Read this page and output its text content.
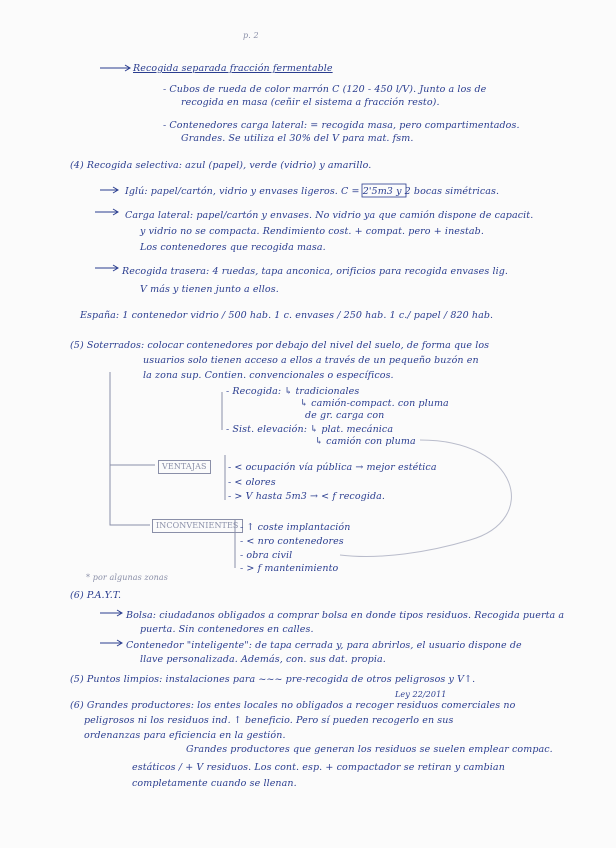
p. 2
Recogida separada fracción fermentable
- Cubos de rueda de color marrón C (120 - 450 l/V). Junto a los de
recogida en masa (ceñir el sistema a fracción resto).
- Contenedores carga lateral: = recogida masa, pero compartimentados.
Grandes. Se utiliza el 30% del V para mat. fsm.
(4) Recogida selectiva: azul (papel), verde (vidrio) y amarillo.
Iglú: papel/cartón, vidrio y envases ligeros. C = 2'5m3 y 2 bocas simétricas.
Carga lateral: papel/cartón y envases. No vidrio ya que camión dispone de capacit.
y vidrio no se compacta. Rendimiento cost. + compat. pero + inestab.
Los contenedores que recogida masa.
Recogida trasera: 4 ruedas, tapa anconica, orificios para recogida envases lig.
V más y tienen junto a ellos.
España: 1 contenedor vidrio / 500 hab. 1 c. envases / 250 hab. 1 c./ papel / 820 hab.
(5) Soterrados: colocar contenedores por debajo del nivel del suelo, de forma que los
usuarios solo tienen acceso a ellos a través de un pequeño buzón en
la zona sup. Contien. convencionales o específicos.
- Recogida: ↳ tradicionales
↳ camión-compact. con pluma
de gr. carga con
- Sist. elevación: ↳ plat. mecánica
↳ camión con pluma
VENTAJAS	- < ocupación vía pública → mejor estética
- < olores
- > V hasta 5m3 → < f recogida.
INCONVENIENTES - ↑ coste implantación
- < nro contenedores
- obra civil
- > f mantenimiento
* por algunas zonas
(6) P.A.Y.T.
Bolsa: ciudadanos obligados a comprar bolsa en donde tipos residuos. Recogida puerta a
puerta. Sin contenedores en calles.
Contenedor "inteligente": de tapa cerrada y, para abrirlos, el usuario dispone de
llave personalizada. Además, con. sus dat. propia.
(5) Puntos limpios: instalaciones para ~~~ pre-recogida de otros peligrosos y V↑.
Ley 22/2011
(6) Grandes productores: los entes locales no obligados a recoger residuos comerciales no
peligrosos ni los residuos ind. ↑ beneficio. Pero sí pueden recogerlo en sus
ordenanzas para eficiencia en la gestión.
Grandes productores que generan los residuos se suelen emplear compac.
estáticos / + V residuos. Los cont. esp. + compactador se retiran y cambian
completamente cuando se llenan.
